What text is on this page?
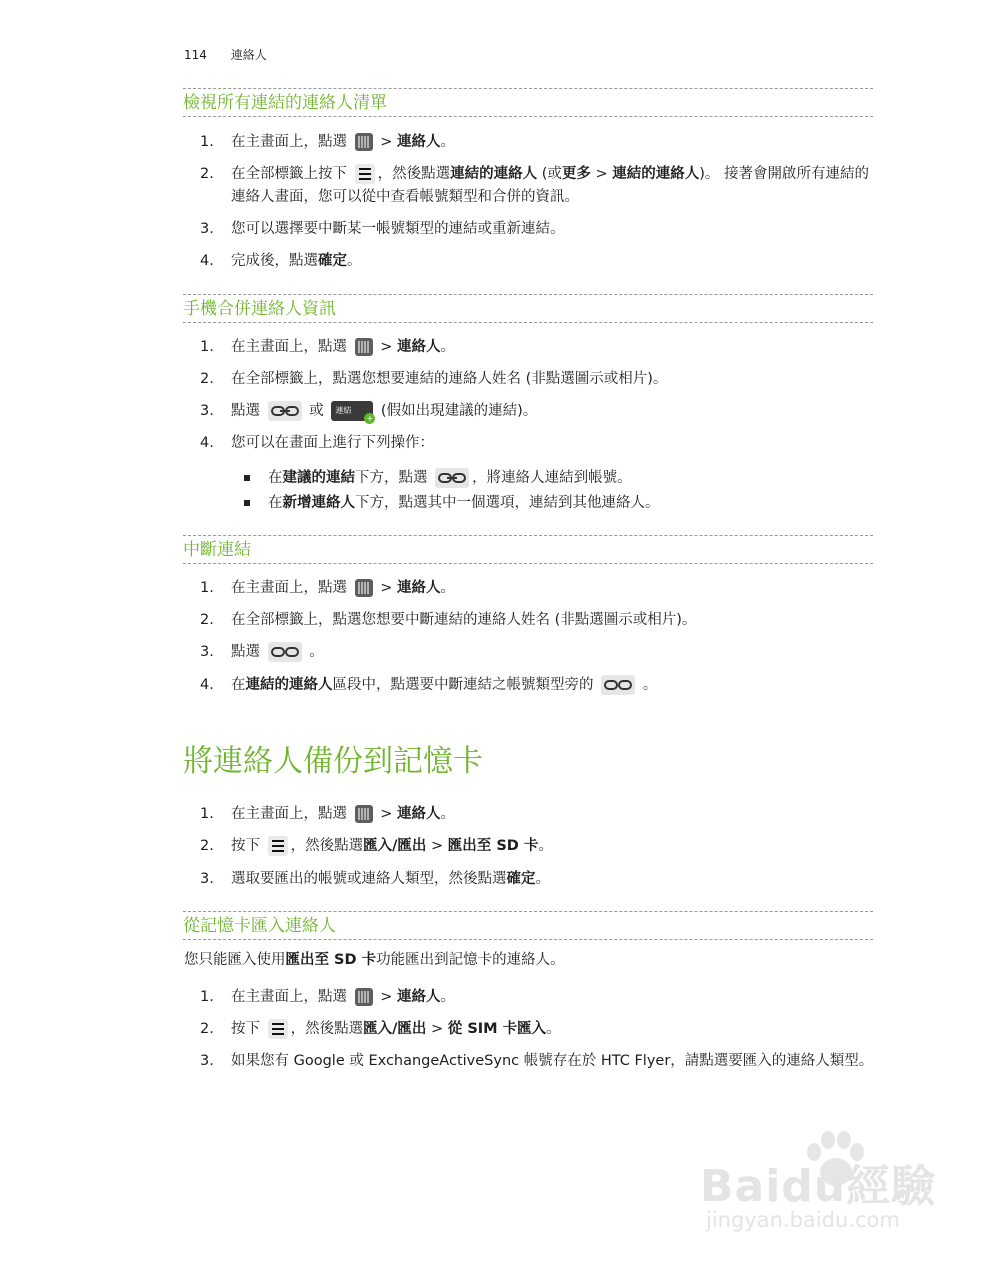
114 連絡人
檢視所有連結的連絡人清單
1.	在主畫面上，點選  > 連絡人。
2.	在全部標籤上按下 ，然後點選連結的連絡人 (或更多 > 連結的連絡人)。 接著會開啟所有連結的連絡人畫面，您可以從中查看帳號類型和合併的資訊。
3.	您可以選擇要中斷某一帳號類型的連結或重新連結。
4.	完成後，點選確定。
手機合併連絡人資訊
1.	在主畫面上，點選  > 連絡人。
2.	在全部標籤上，點選您想要連結的連絡人姓名 (非點選圖示或相片)。
3.	點選	或 連結
+ (假如出現建議的連結)。
4.	您可以在畫面上進行下列操作：
在建議的連結下方，點選	，將連絡人連結到帳號。
在新增連絡人下方，點選其中一個選項，連結到其他連絡人。
中斷連結
1.	在主畫面上，點選  > 連絡人。
2.	在全部標籤上，點選您想要中斷連結的連絡人姓名 (非點選圖示或相片)。
3.	點選	。
4.	在連結的連絡人區段中，點選要中斷連結之帳號類型旁的	。
將連絡人備份到記憶卡
1.	在主畫面上，點選  > 連絡人。
2.	按下 ，然後點選匯入/匯出 > 匯出至 SD 卡。
3.	選取要匯出的帳號或連絡人類型，然後點選確定。
從記憶卡匯入連絡人
您只能匯入使用匯出至 SD 卡功能匯出到記憶卡的連絡人。
1.	在主畫面上，點選  > 連絡人。
2.	按下 ，然後點選匯入/匯出 > 從 SIM 卡匯入。
3.	如果您有 Google 或 ExchangeActiveSync 帳號存在於 HTC Flyer，請點選要匯入的連絡人類型。
Baidu經驗
jingyan.baidu.com
